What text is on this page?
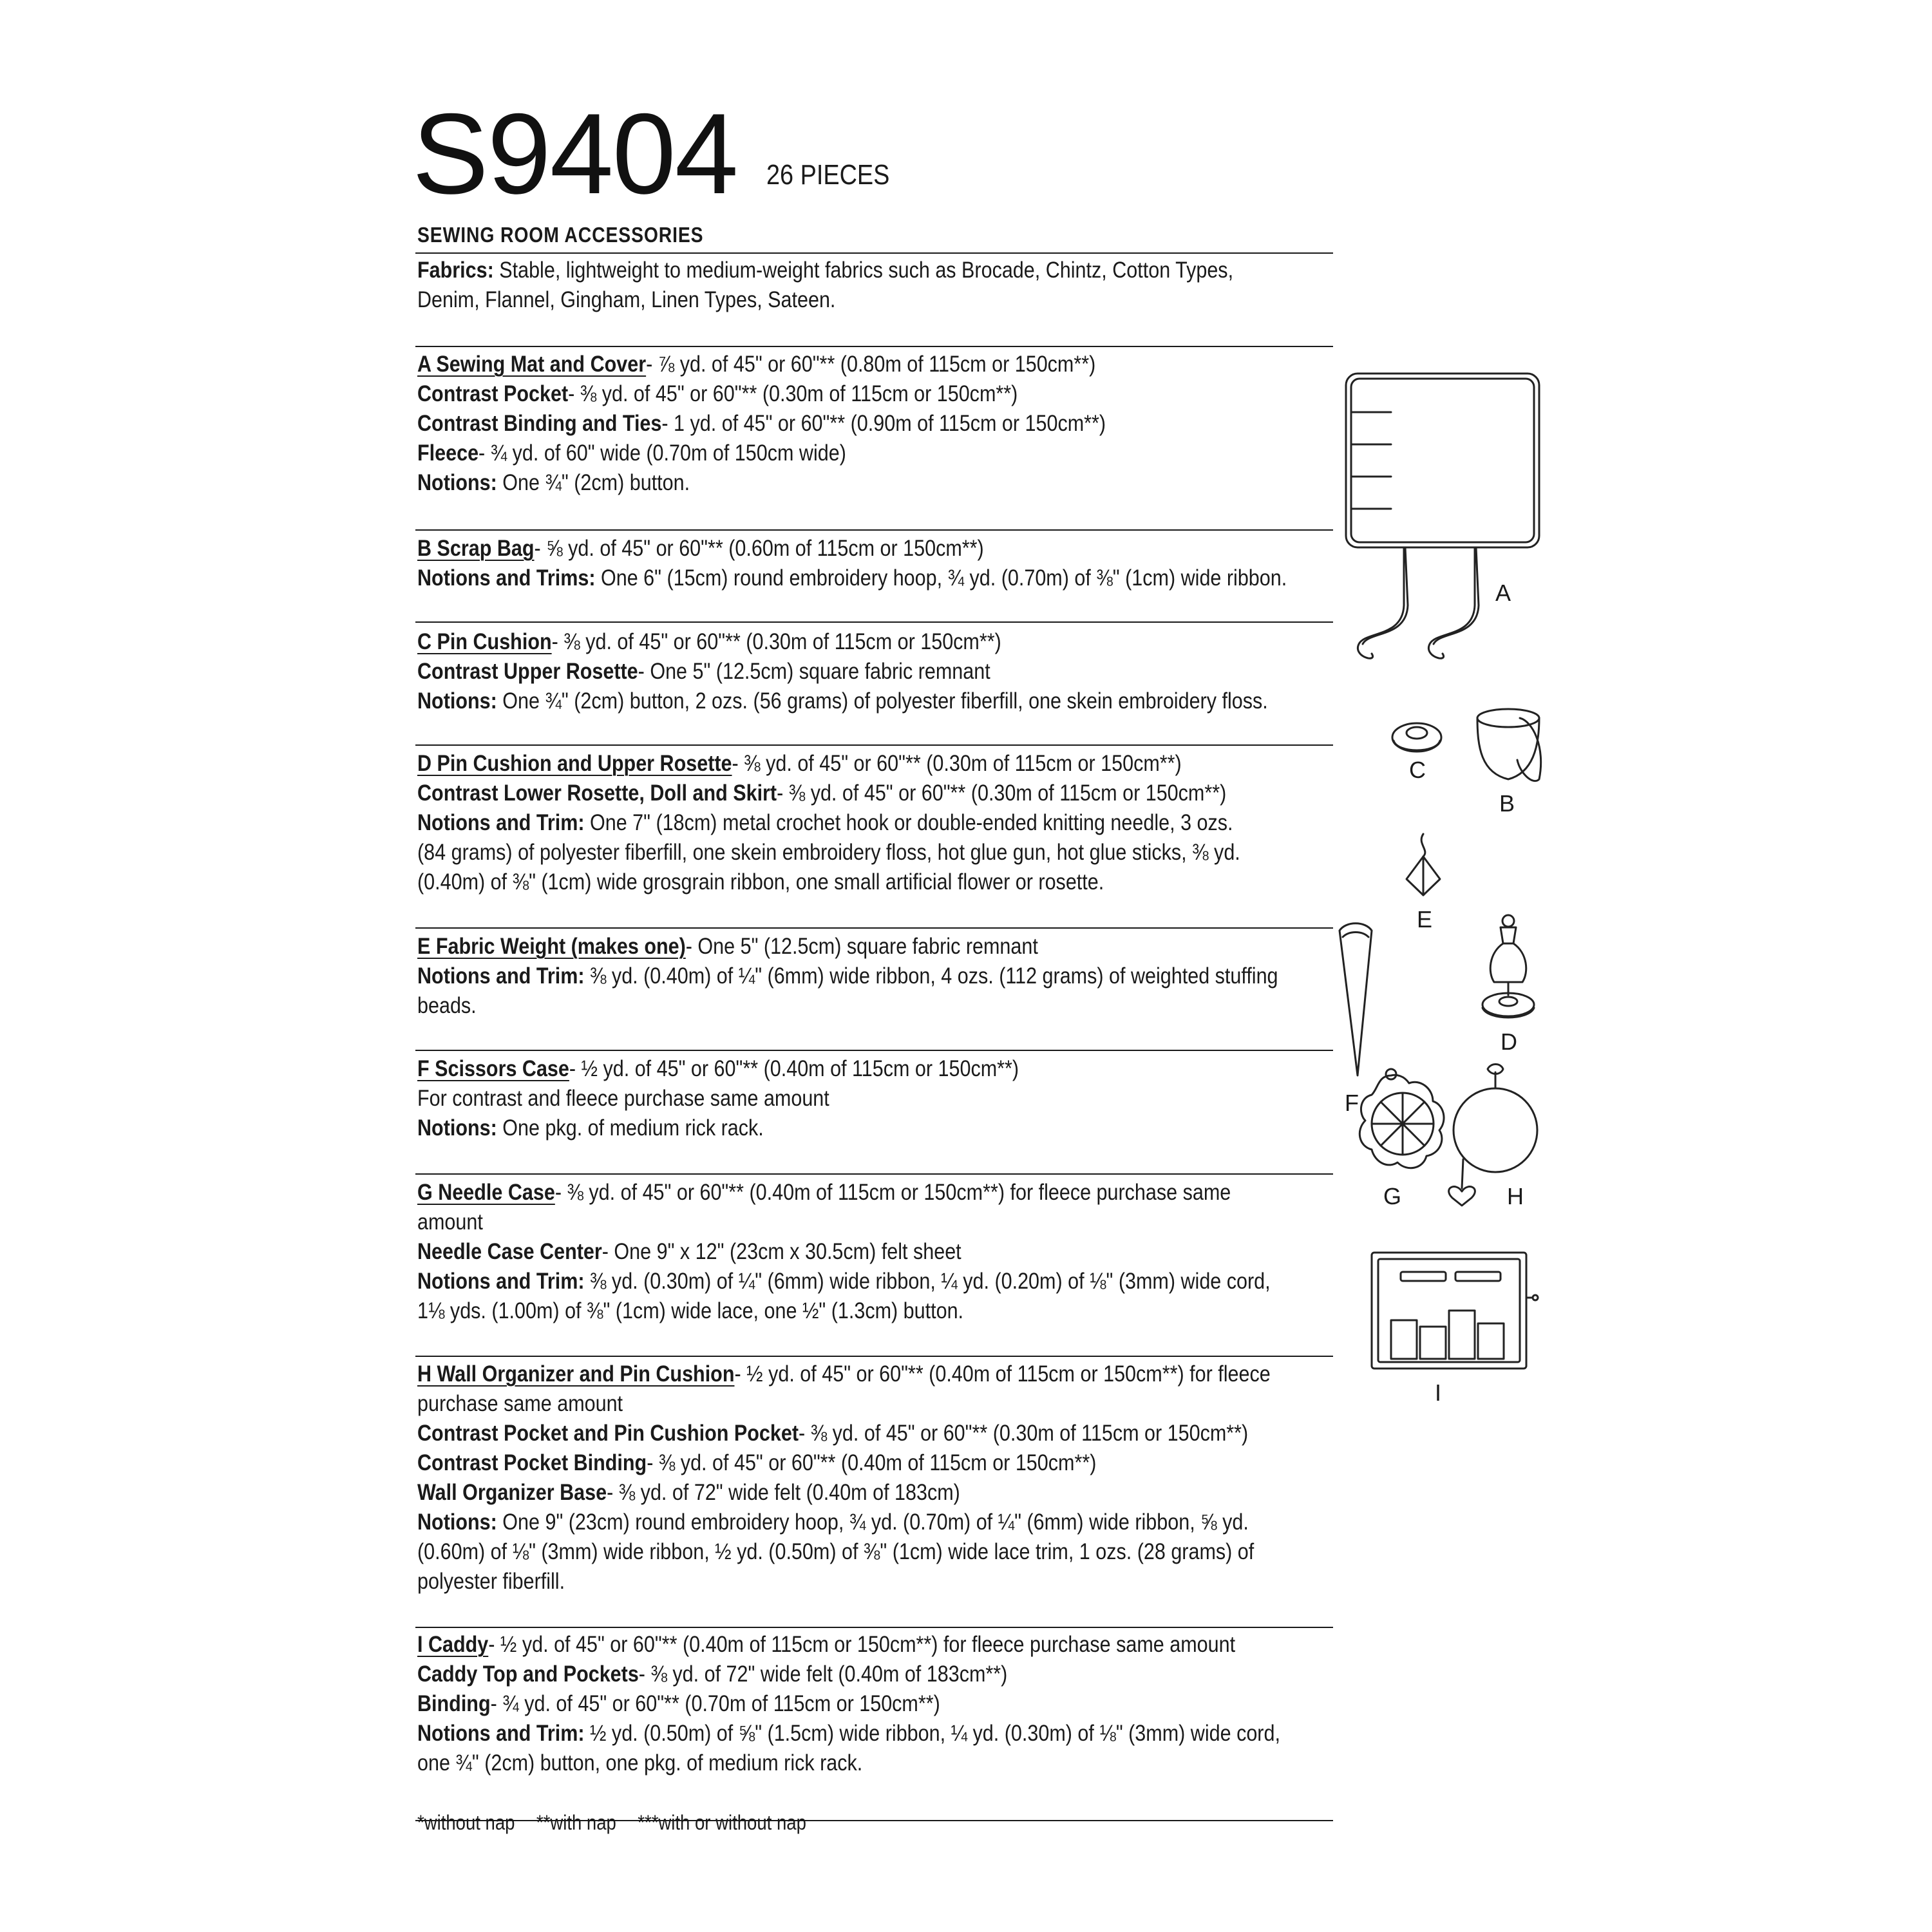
S9404 26 PIECES
SEWING ROOM ACCESSORIES
Fabrics: Stable, lightweight to medium-weight fabrics such as Brocade, Chintz, Cotton Types,
Denim, Flannel, Gingham, Linen Types, Sateen.
A Sewing Mat and Cover- ⅞ yd. of 45" or 60"** (0.80m of 115cm or 150cm**)
Contrast Pocket- ⅜ yd. of 45" or 60"** (0.30m of 115cm or 150cm**)
Contrast Binding and Ties- 1 yd. of 45" or 60"** (0.90m of 115cm or 150cm**)
Fleece- ¾ yd. of 60" wide (0.70m of 150cm wide)
Notions: One ¾" (2cm) button.
B Scrap Bag- ⅝ yd. of 45" or 60"** (0.60m of 115cm or 150cm**)
Notions and Trims: One 6" (15cm) round embroidery hoop, ¾ yd. (0.70m) of ⅜" (1cm) wide ribbon.
C Pin Cushion- ⅜ yd. of 45" or 60"** (0.30m of 115cm or 150cm**)
Contrast Upper Rosette- One 5" (12.5cm) square fabric remnant
Notions: One ¾" (2cm) button, 2 ozs. (56 grams) of polyester fiberfill, one skein embroidery floss.
D Pin Cushion and Upper Rosette- ⅜ yd. of 45" or 60"** (0.30m of 115cm or 150cm**)
Contrast Lower Rosette, Doll and Skirt- ⅜ yd. of 45" or 60"** (0.30m of 115cm or 150cm**)
Notions and Trim: One 7" (18cm) metal crochet hook or double-ended knitting needle, 3 ozs.
(84 grams) of polyester fiberfill, one skein embroidery floss, hot glue gun, hot glue sticks, ⅜ yd.
(0.40m) of ⅜" (1cm) wide grosgrain ribbon, one small artificial flower or rosette.
E Fabric Weight (makes one)- One 5" (12.5cm) square fabric remnant
Notions and Trim: ⅜ yd. (0.40m) of ¼" (6mm) wide ribbon, 4 ozs. (112 grams) of weighted stuffing
beads.
F Scissors Case- ½ yd. of 45" or 60"** (0.40m of 115cm or 150cm**)
For contrast and fleece purchase same amount
Notions: One pkg. of medium rick rack.
G Needle Case- ⅜ yd. of 45" or 60"** (0.40m of 115cm or 150cm**) for fleece purchase same
amount
Needle Case Center- One 9" x 12" (23cm x 30.5cm) felt sheet
Notions and Trim: ⅜ yd. (0.30m) of ¼" (6mm) wide ribbon, ¼ yd. (0.20m) of ⅛" (3mm) wide cord,
1⅛ yds. (1.00m) of ⅜" (1cm) wide lace, one ½" (1.3cm) button.
H Wall Organizer and Pin Cushion- ½ yd. of 45" or 60"** (0.40m of 115cm or 150cm**) for fleece
purchase same amount
Contrast Pocket and Pin Cushion Pocket- ⅜ yd. of 45" or 60"** (0.30m of 115cm or 150cm**)
Contrast Pocket Binding- ⅜ yd. of 45" or 60"** (0.40m of 115cm or 150cm**)
Wall Organizer Base- ⅜ yd. of 72" wide felt (0.40m of 183cm)
Notions: One 9" (23cm) round embroidery hoop, ¾ yd. (0.70m) of ¼" (6mm) wide ribbon, ⅝ yd.
(0.60m) of ⅛" (3mm) wide ribbon, ½ yd. (0.50m) of ⅜" (1cm) wide lace trim, 1 ozs. (28 grams) of
polyester fiberfill.
I Caddy- ½ yd. of 45" or 60"** (0.40m of 115cm or 150cm**) for fleece purchase same amount
Caddy Top and Pockets- ⅜ yd. of 72" wide felt (0.40m of 183cm**)
Binding- ¾ yd. of 45" or 60"** (0.70m of 115cm or 150cm**)
Notions and Trim: ½ yd. (0.50m) of ⅝" (1.5cm) wide ribbon, ¼ yd. (0.30m) of ⅛" (3mm) wide cord,
one ¾" (2cm) button, one pkg. of medium rick rack.
*without nap **with nap ***with or without nap
A
C
B
E
F
D
G	H
I
